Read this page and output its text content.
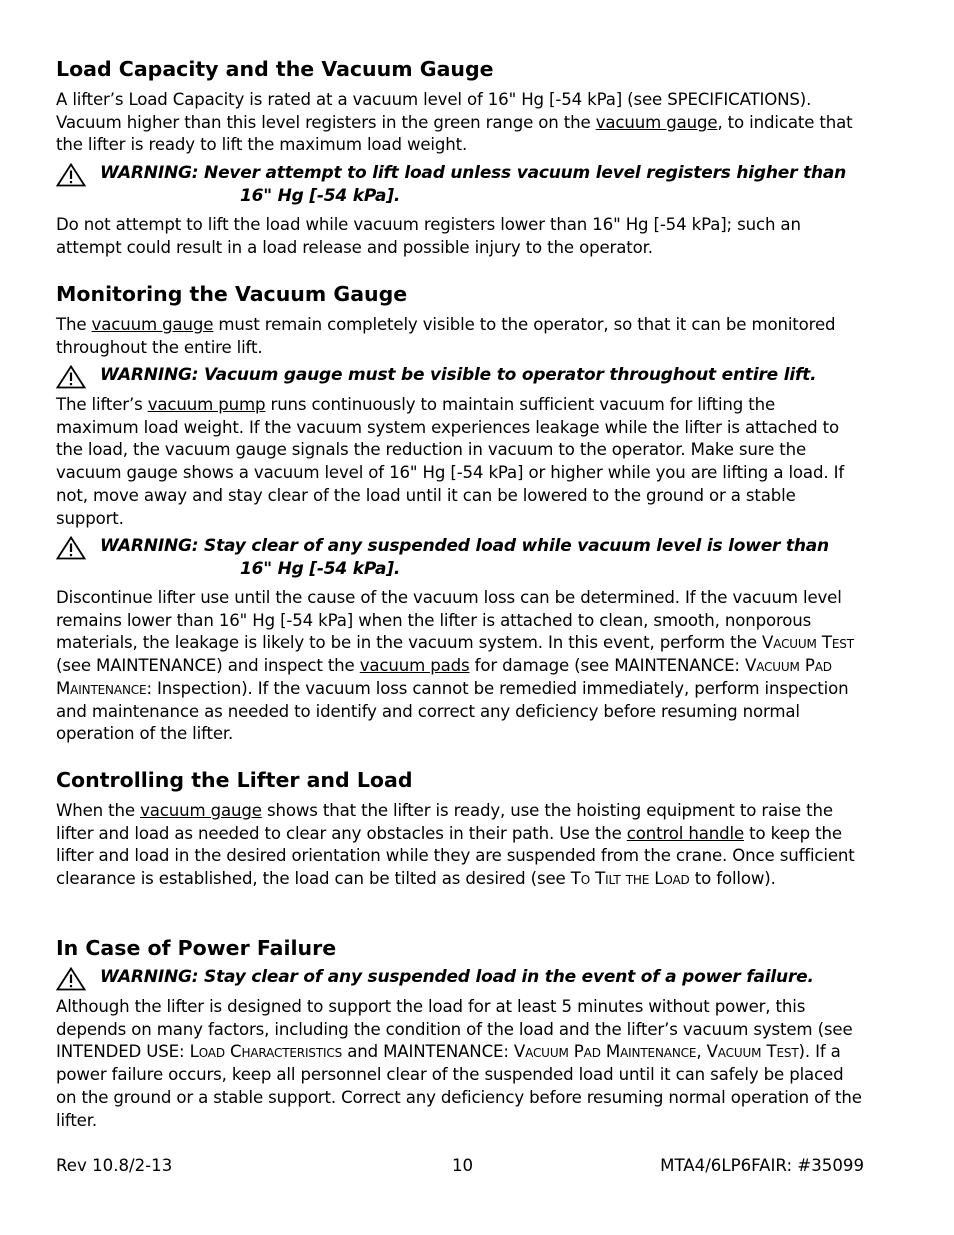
Load Capacity and the Vacuum Gauge

A lifter’s Load Capacity is rated at a vacuum level of 16" Hg [-54 kPa] (see SPECIFICATIONS). Vacuum higher than this level registers in the green range on the vacuum gauge, to indicate that the lifter is ready to lift the maximum load weight.

WARNING: Never attempt to lift load unless vacuum level registers higher than
16" Hg [-54 kPa].

Do not attempt to lift the load while vacuum registers lower than 16" Hg [-54 kPa]; such an attempt could result in a load release and possible injury to the operator.

Monitoring the Vacuum Gauge

The vacuum gauge must remain completely visible to the operator, so that it can be monitored throughout the entire lift.

WARNING: Vacuum gauge must be visible to operator throughout entire lift.

The lifter’s vacuum pump runs continuously to maintain sufficient vacuum for lifting the maximum load weight. If the vacuum system experiences leakage while the lifter is attached to the load, the vacuum gauge signals the reduction in vacuum to the operator. Make sure the vacuum gauge shows a vacuum level of 16" Hg [-54 kPa] or higher while you are lifting a load. If not, move away and stay clear of the load until it can be lowered to the ground or a stable support.

WARNING: Stay clear of any suspended load while vacuum level is lower than
16" Hg [-54 kPa].

Discontinue lifter use until the cause of the vacuum loss can be determined. If the vacuum level remains lower than 16" Hg [-54 kPa] when the lifter is attached to clean, smooth, nonporous materials, the leakage is likely to be in the vacuum system. In this event, perform the Vacuum Test (see MAINTENANCE) and inspect the vacuum pads for damage (see MAINTENANCE: Vacuum Pad Maintenance: Inspection). If the vacuum loss cannot be remedied immediately, perform inspection and maintenance as needed to identify and correct any deficiency before resuming normal operation of the lifter.

Controlling the Lifter and Load

When the vacuum gauge shows that the lifter is ready, use the hoisting equipment to raise the lifter and load as needed to clear any obstacles in their path. Use the control handle to keep the lifter and load in the desired orientation while they are suspended from the crane. Once sufficient clearance is established, the load can be tilted as desired (see To Tilt the Load to follow).

In Case of Power Failure
WARNING: Stay clear of any suspended load in the event of a power failure.

Although the lifter is designed to support the load for at least 5 minutes without power, this depends on many factors, including the condition of the load and the lifter’s vacuum system (see INTENDED USE: Load Characteristics and MAINTENANCE: Vacuum Pad Maintenance, Vacuum Test). If a power failure occurs, keep all personnel clear of the suspended load until it can safely be placed on the ground or a stable support. Correct any deficiency before resuming normal operation of the lifter.

Rev 10.8/2-13	10	MTA4/6LP6FAIR: #35099
